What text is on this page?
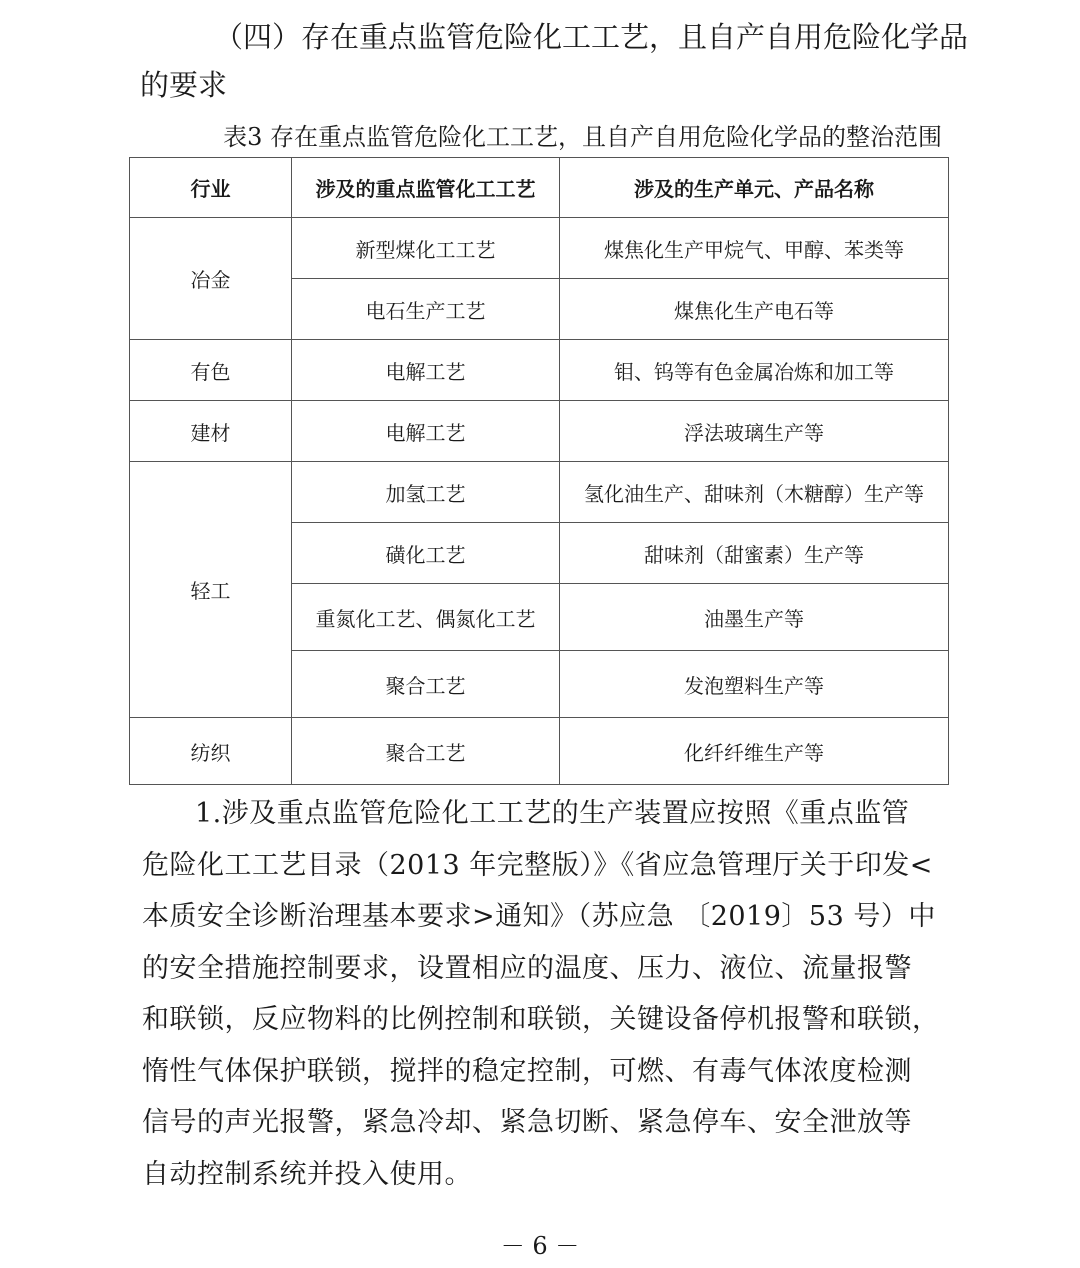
（四）存在重点监管危险化工工艺，且自产自用危险化学品
的要求
表3 存在重点监管危险化工工艺，且自产自用危险化学品的整治范围
行业	涉及的重点监管化工工艺	涉及的生产单元、产品名称
冶金	新型煤化工工艺	煤焦化生产甲烷气、甲醇、苯类等
	电石生产工艺	煤焦化生产电石等
有色	电解工艺	钼、钨等有色金属冶炼和加工等
建材	电解工艺	浮法玻璃生产等
轻工	加氢工艺	氢化油生产、甜味剂（木糖醇）生产等
	磺化工艺	甜味剂（甜蜜素）生产等
	重氮化工艺、偶氮化工艺	油墨生产等
	聚合工艺	发泡塑料生产等
纺织	聚合工艺	化纤纤维生产等
1.涉及重点监管危险化工工艺的生产装置应按照《重点监管
危险化工工艺目录（2013 年完整版）》《省应急管理厅关于印发<
本质安全诊断治理基本要求>通知》（苏应急 〔2019〕53 号）中
的安全措施控制要求，设置相应的温度、压力、液位、流量报警
和联锁，反应物料的比例控制和联锁，关键设备停机报警和联锁，
惰性气体保护联锁，搅拌的稳定控制，可燃、有毒气体浓度检测
信号的声光报警，紧急冷却、紧急切断、紧急停车、安全泄放等
自动控制系统并投入使用。
－ 6 －
